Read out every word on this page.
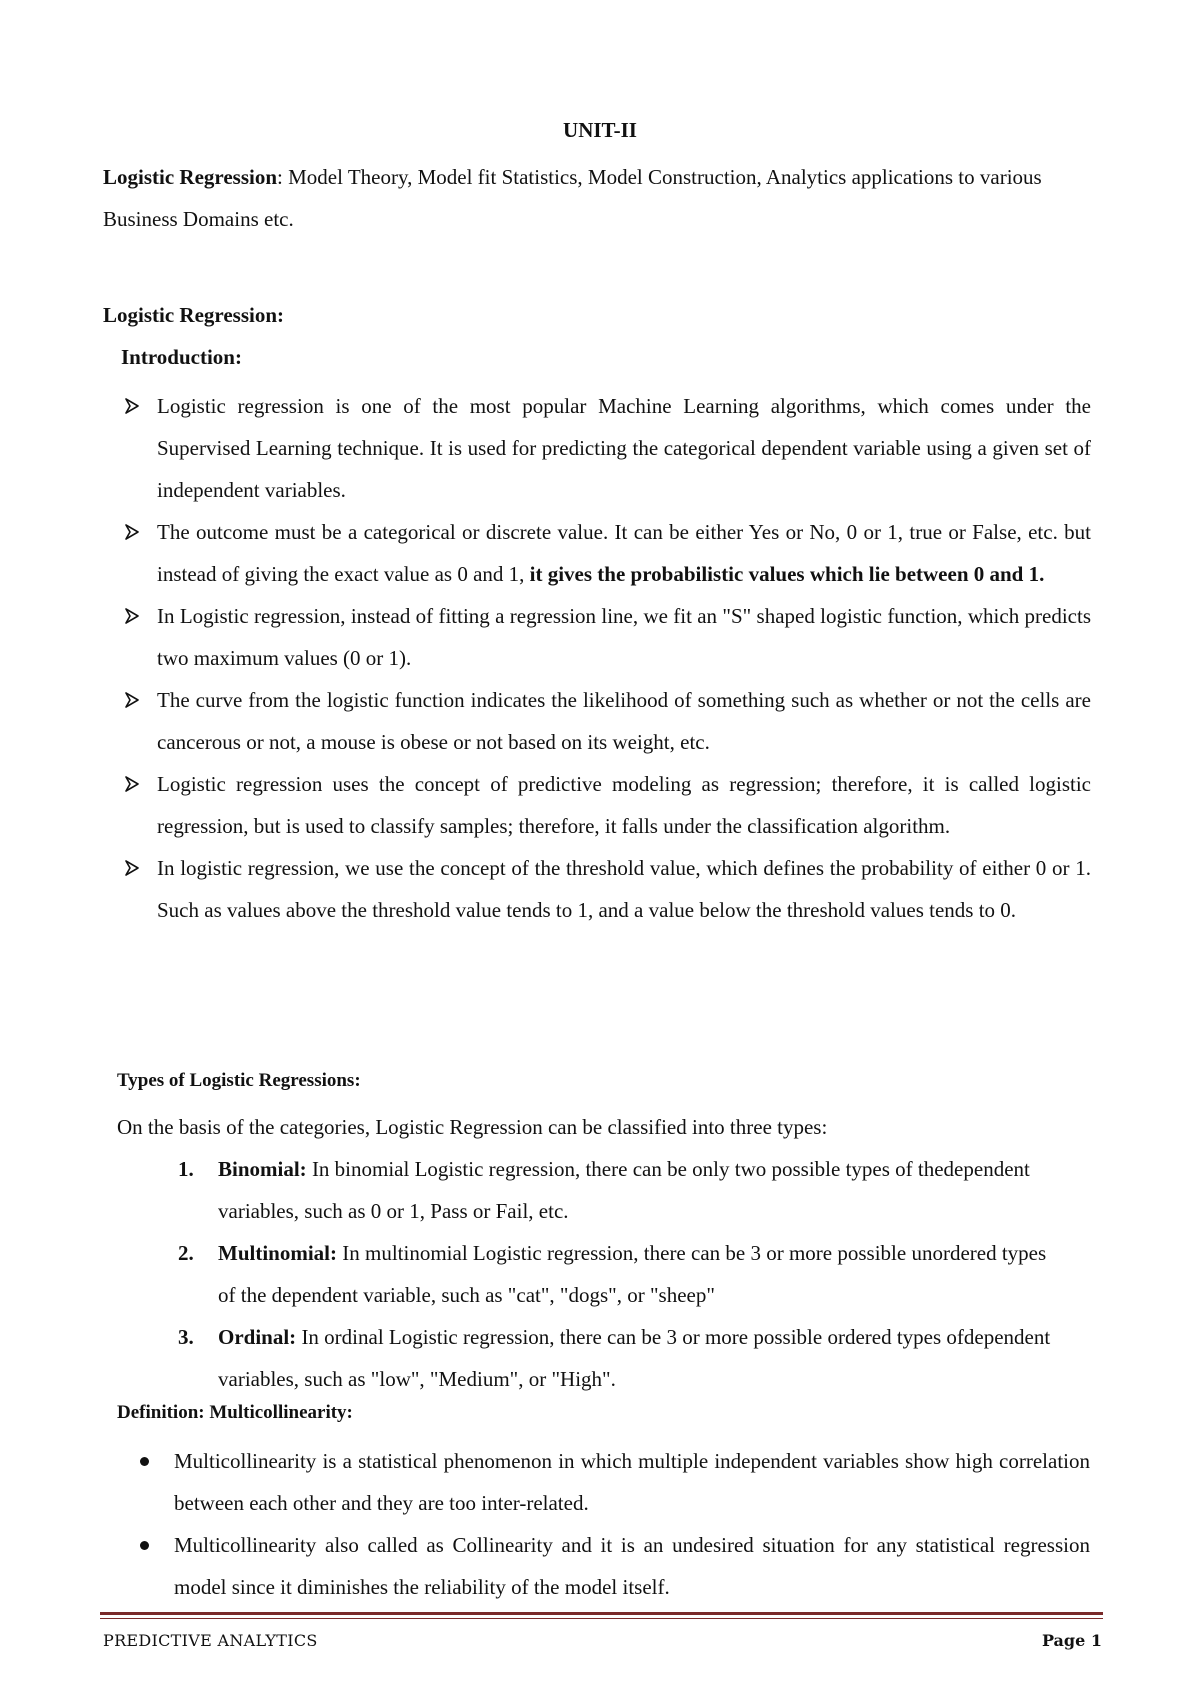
UNIT-II
Logistic Regression: Model Theory, Model fit Statistics, Model Construction, Analytics applications to various Business Domains etc.
Logistic Regression:
Introduction:
Logistic regression is one of the most popular Machine Learning algorithms, which comes under the Supervised Learning technique. It is used for predicting the categorical dependent variable using a given set of independent variables.
The outcome must be a categorical or discrete value. It can be either Yes or No, 0 or 1, true or False, etc. but instead of giving the exact value as 0 and 1, it gives the probabilistic values which lie between 0 and 1.
In Logistic regression, instead of fitting a regression line, we fit an "S" shaped logistic function, which predicts two maximum values (0 or 1).
The curve from the logistic function indicates the likelihood of something such as whether or not the cells are cancerous or not, a mouse is obese or not based on its weight, etc.
Logistic regression uses the concept of predictive modeling as regression; therefore, it is called logistic regression, but is used to classify samples; therefore, it falls under the classification algorithm.
In logistic regression, we use the concept of the threshold value, which defines the probability of either 0 or 1. Such as values above the threshold value tends to 1, and a value below the threshold values tends to 0.
Types of Logistic Regressions:
On the basis of the categories, Logistic Regression can be classified into three types:
1. Binomial: In binomial Logistic regression, there can be only two possible types of thedependent variables, such as 0 or 1, Pass or Fail, etc.
2. Multinomial: In multinomial Logistic regression, there can be 3 or more possible unordered types of the dependent variable, such as "cat", "dogs", or "sheep"
3. Ordinal: In ordinal Logistic regression, there can be 3 or more possible ordered types ofdependent variables, such as "low", "Medium", or "High".
Definition: Multicollinearity:
Multicollinearity is a statistical phenomenon in which multiple independent variables show high correlation between each other and they are too inter-related.
Multicollinearity also called as Collinearity and it is an undesired situation for any statistical regression model since it diminishes the reliability of the model itself.
PREDICTIVE ANALYTICS	Page 1
